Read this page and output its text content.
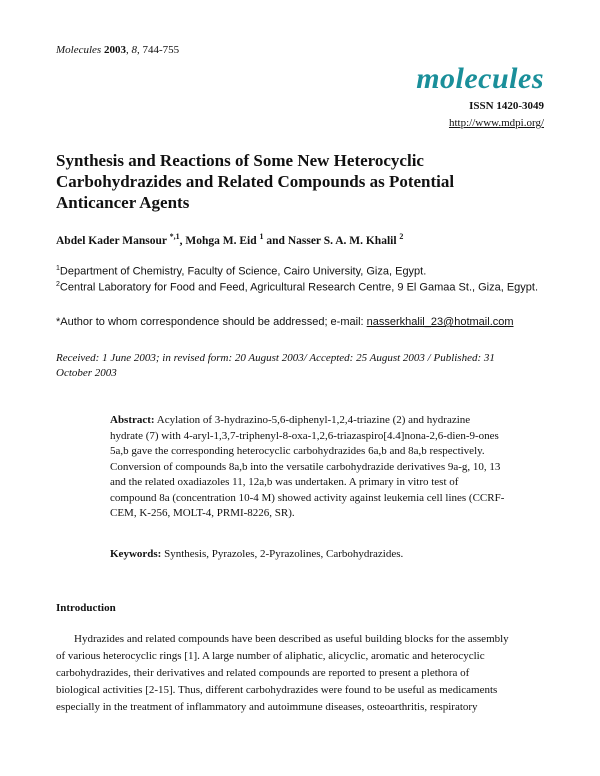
Molecules 2003, 8, 744-755
molecules
ISSN 1420-3049
http://www.mdpi.org/
Synthesis and Reactions of Some New Heterocyclic
Carbohydrazides and Related Compounds as Potential
Anticancer Agents
Abdel Kader Mansour $^{*,1}$, Mohga M. Eid $^1$ and Nasser S. A. M. Khalil $^2$
$^1$Department of Chemistry, Faculty of Science, Cairo University, Giza, Egypt.
$^2$Central Laboratory for Food and Feed, Agricultural Research Centre, 9 El Gamaa St., Giza, Egypt.
*Author to whom correspondence should be addressed; e-mail: nasserkhalil_23@hotmail.com
Received: 1 June 2003; in revised form: 20 August 2003/ Accepted: 25 August 2003 / Published: 31
October 2003
Abstract: Acylation of 3-hydrazino-5,6-diphenyl-1,2,4-triazine (2) and hydrazine
hydrate (7) with 4-aryl-1,3,7-triphenyl-8-oxa-1,2,6-triazaspiro[4.4]nona-2,6-dien-9-ones
5a,b gave the corresponding heterocyclic carbohydrazides 6a,b and 8a,b respectively.
Conversion of compounds 8a,b into the versatile carbohydrazide derivatives 9a-g, 10, 13
and the related oxadiazoles 11, 12a,b was undertaken. A primary in vitro test of
compound 8a (concentration 10-4 M) showed activity against leukemia cell lines (CCRF-
CEM, K-256, MOLT-4, PRMI-8226, SR).
Keywords: Synthesis, Pyrazoles, 2-Pyrazolines, Carbohydrazides.
Introduction
Hydrazides and related compounds have been described as useful building blocks for the assembly
of various heterocyclic rings [1]. A large number of aliphatic, alicyclic, aromatic and heterocyclic
carbohydrazides, their derivatives and related compounds are reported to present a plethora of
biological activities [2-15]. Thus, different carbohydrazides were found to be useful as medicaments
especially in the treatment of inflammatory and autoimmune diseases, osteoarthritis, respiratory
